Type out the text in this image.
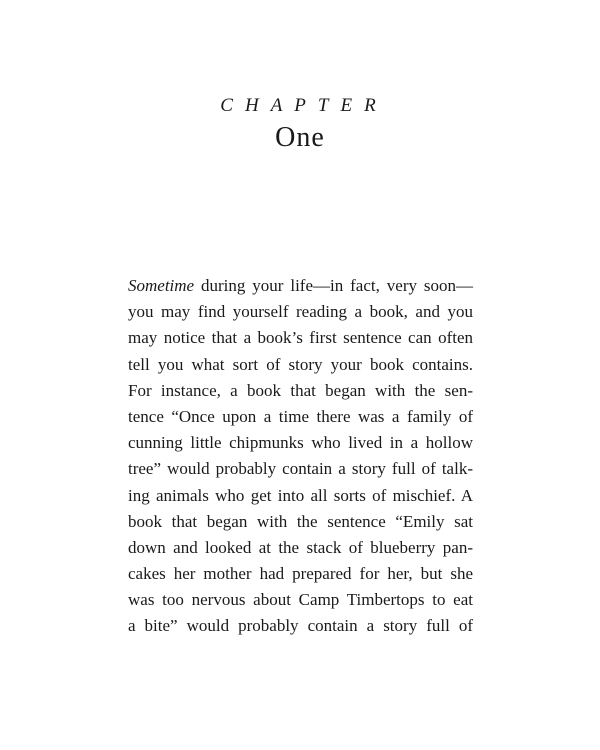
CHAPTER
One
Sometime during your life—in fact, very soon—
you may find yourself reading a book, and you
may notice that a book’s first sentence can often
tell you what sort of story your book contains.
For instance, a book that began with the sen-
tence “Once upon a time there was a family of
cunning little chipmunks who lived in a hollow
tree” would probably contain a story full of talk-
ing animals who get into all sorts of mischief. A
book that began with the sentence “Emily sat
down and looked at the stack of blueberry pan-
cakes her mother had prepared for her, but she
was too nervous about Camp Timbertops to eat
a bite” would probably contain a story full of
